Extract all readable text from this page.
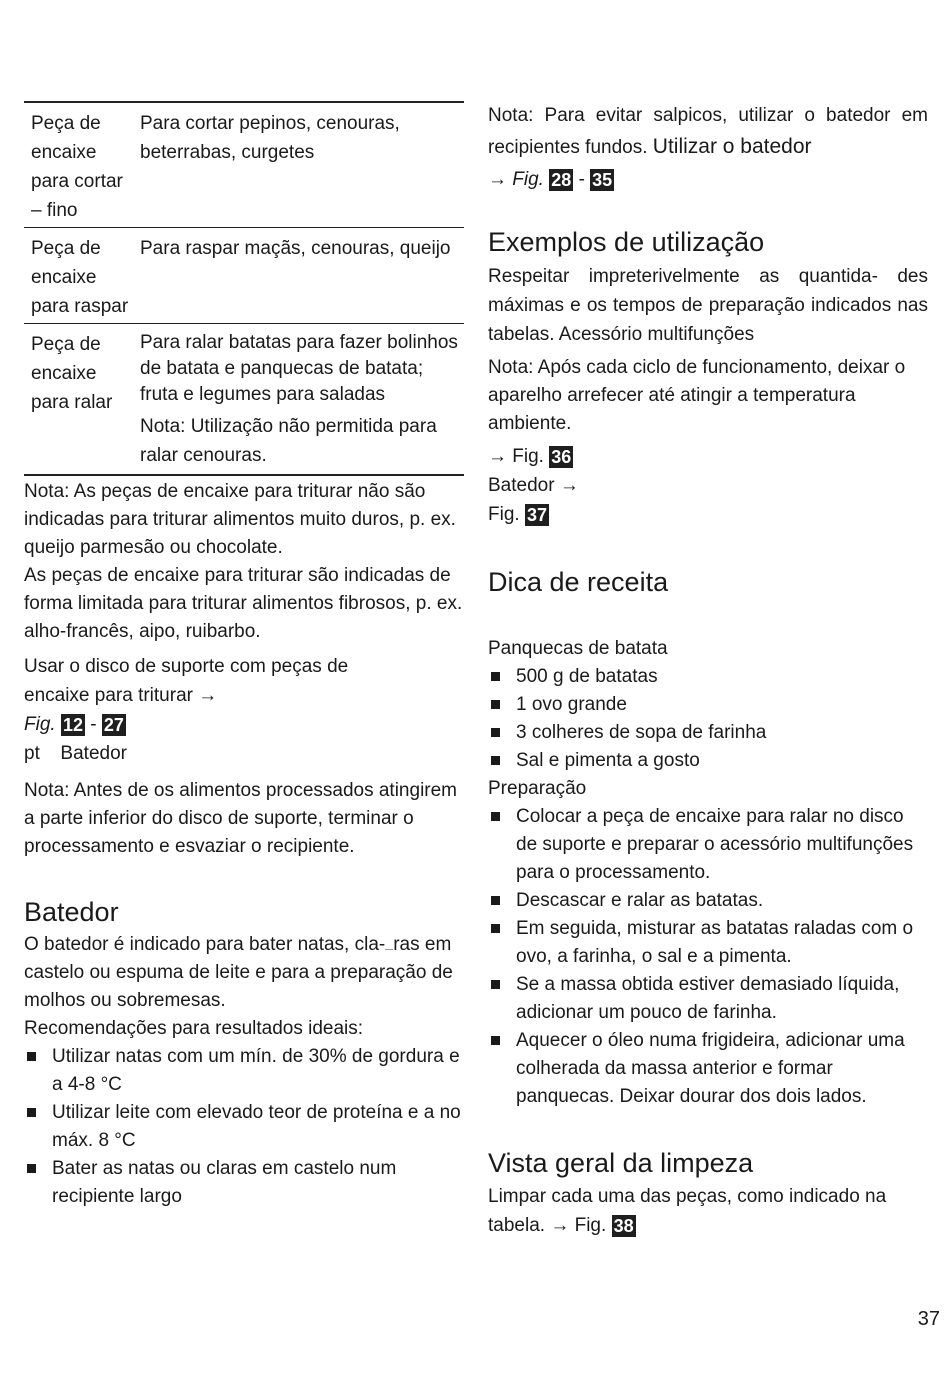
Peça de encaixe para cortar – fino
Para cortar pepinos, cenouras, beterrabas, curgetes
Peça de encaixe para raspar
Para raspar maçãs, cenouras, queijo
Peça de encaixe para ralar
Para ralar batatas para fazer bolinhos de batata e panquecas de batata; fruta e legumes para saladas
Nota: Utilização não permitida para ralar cenouras.

Nota: As peças de encaixe para triturar não são indicadas para triturar alimentos muito duros, p. ex. queijo parmesão ou chocolate.

As peças de encaixe para triturar são indicadas de forma limitada para triturar alimentos fibrosos, p. ex. alho-francês, aipo, ruibarbo.

Usar o disco de suporte com peças de encaixe para triturar →

Fig. 12 - 27

pt Batedor

Nota: Antes de os alimentos processados atingirem a parte inferior do disco de suporte, terminar o processamento e esvaziar o recipiente.

Batedor

O batedor é indicado para bater natas, cla- ras em castelo ou espuma de leite e para a preparação de molhos ou sobremesas.

Recomendações para resultados ideais:

Utilizar natas com um mín. de 30% de gordura e a 4-8 °C
Utilizar leite com elevado teor de proteína e a no máx. 8 °C
Bater as natas ou claras em castelo num recipiente largo

Nota: Para evitar salpicos, utilizar o batedor em recipientes fundos. Utilizar o batedor

→ Fig. 28 - 35

Exemplos de utilização

Respeitar impreterivelmente as quantida- des máximas e os tempos de preparação indicados nas tabelas. Acessório multifunções

Nota: Após cada ciclo de funcionamento, deixar o aparelho arrefecer até atingir a temperatura ambiente.

→ Fig. 36

Batedor →

Fig. 37

Dica de receita

Panquecas de batata

500 g de batatas
1 ovo grande
3 colheres de sopa de farinha
Sal e pimenta a gosto

Preparação

Colocar a peça de encaixe para ralar no disco de suporte e preparar o acessório multifunções para o processamento.
Descascar e ralar as batatas.
Em seguida, misturar as batatas raladas com o ovo, a farinha, o sal e a pimenta.
Se a massa obtida estiver demasiado líquida, adicionar um pouco de farinha.
Aquecer o óleo numa frigideira, adicionar uma colherada da massa anterior e formar panquecas. Deixar dourar dos dois lados.
Vista geral da limpeza

Limpar cada uma das peças, como indicado na tabela. → Fig. 38

37
